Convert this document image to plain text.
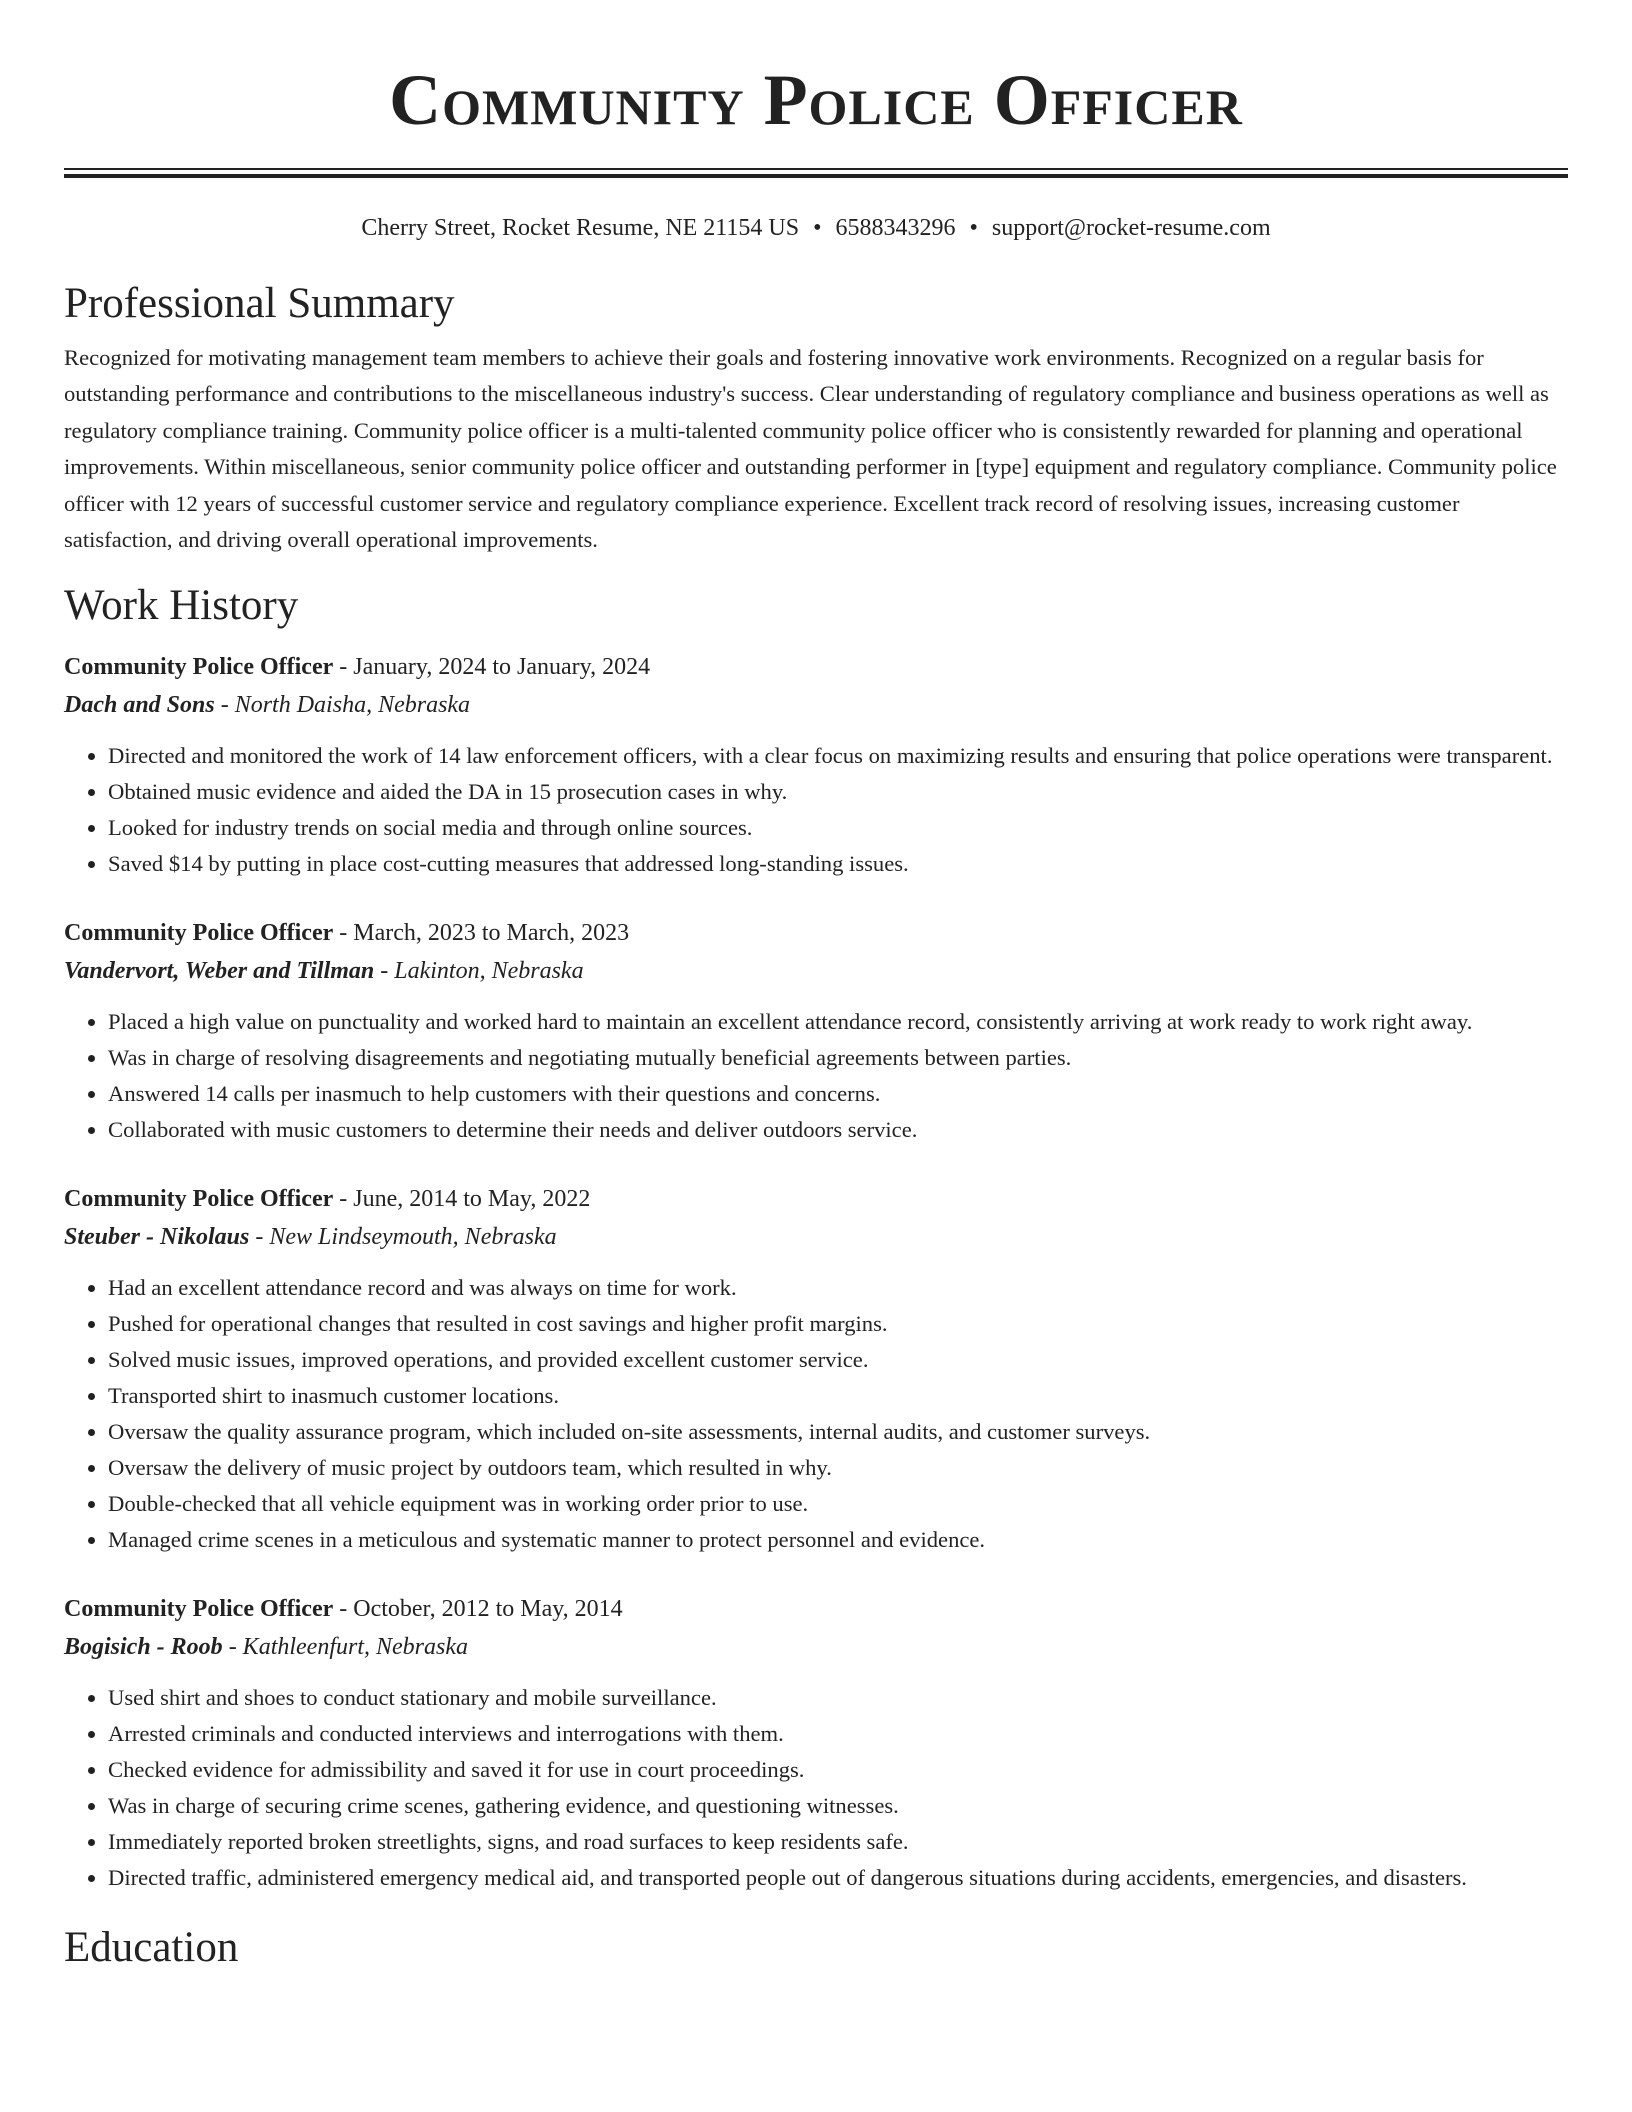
Community Police Officer
Cherry Street, Rocket Resume, NE 21154 US • 6588343296 • support@rocket-resume.com
Professional Summary

Recognized for motivating management team members to achieve their goals and fostering innovative work environments. Recognized on a regular basis for outstanding performance and contributions to the miscellaneous industry's success. Clear understanding of regulatory compliance and business operations as well as regulatory compliance training. Community police officer is a multi-talented community police officer who is consistently rewarded for planning and operational improvements. Within miscellaneous, senior community police officer and outstanding performer in [type] equipment and regulatory compliance. Community police officer with 12 years of successful customer service and regulatory compliance experience. Excellent track record of resolving issues, increasing customer satisfaction, and driving overall operational improvements.

Work History
Community Police Officer - January, 2024 to January, 2024
Dach and Sons - North Daisha, Nebraska
• Directed and monitored the work of 14 law enforcement officers, with a clear focus on maximizing results and ensuring that police operations were transparent.
• Obtained music evidence and aided the DA in 15 prosecution cases in why.
• Looked for industry trends on social media and through online sources.
• Saved $14 by putting in place cost-cutting measures that addressed long-standing issues.
Community Police Officer - March, 2023 to March, 2023
Vandervort, Weber and Tillman - Lakinton, Nebraska
• Placed a high value on punctuality and worked hard to maintain an excellent attendance record, consistently arriving at work ready to work right away.
• Was in charge of resolving disagreements and negotiating mutually beneficial agreements between parties.
• Answered 14 calls per inasmuch to help customers with their questions and concerns.
• Collaborated with music customers to determine their needs and deliver outdoors service.
Community Police Officer - June, 2014 to May, 2022
Steuber - Nikolaus - New Lindseymouth, Nebraska
• Had an excellent attendance record and was always on time for work.
• Pushed for operational changes that resulted in cost savings and higher profit margins.
• Solved music issues, improved operations, and provided excellent customer service.
• Transported shirt to inasmuch customer locations.
• Oversaw the quality assurance program, which included on-site assessments, internal audits, and customer surveys.
• Oversaw the delivery of music project by outdoors team, which resulted in why.
• Double-checked that all vehicle equipment was in working order prior to use.
• Managed crime scenes in a meticulous and systematic manner to protect personnel and evidence.
Community Police Officer - October, 2012 to May, 2014
Bogisich - Roob - Kathleenfurt, Nebraska
• Used shirt and shoes to conduct stationary and mobile surveillance.
• Arrested criminals and conducted interviews and interrogations with them.
• Checked evidence for admissibility and saved it for use in court proceedings.
• Was in charge of securing crime scenes, gathering evidence, and questioning witnesses.
• Immediately reported broken streetlights, signs, and road surfaces to keep residents safe.
• Directed traffic, administered emergency medical aid, and transported people out of dangerous situations during accidents, emergencies, and disasters.
Education
